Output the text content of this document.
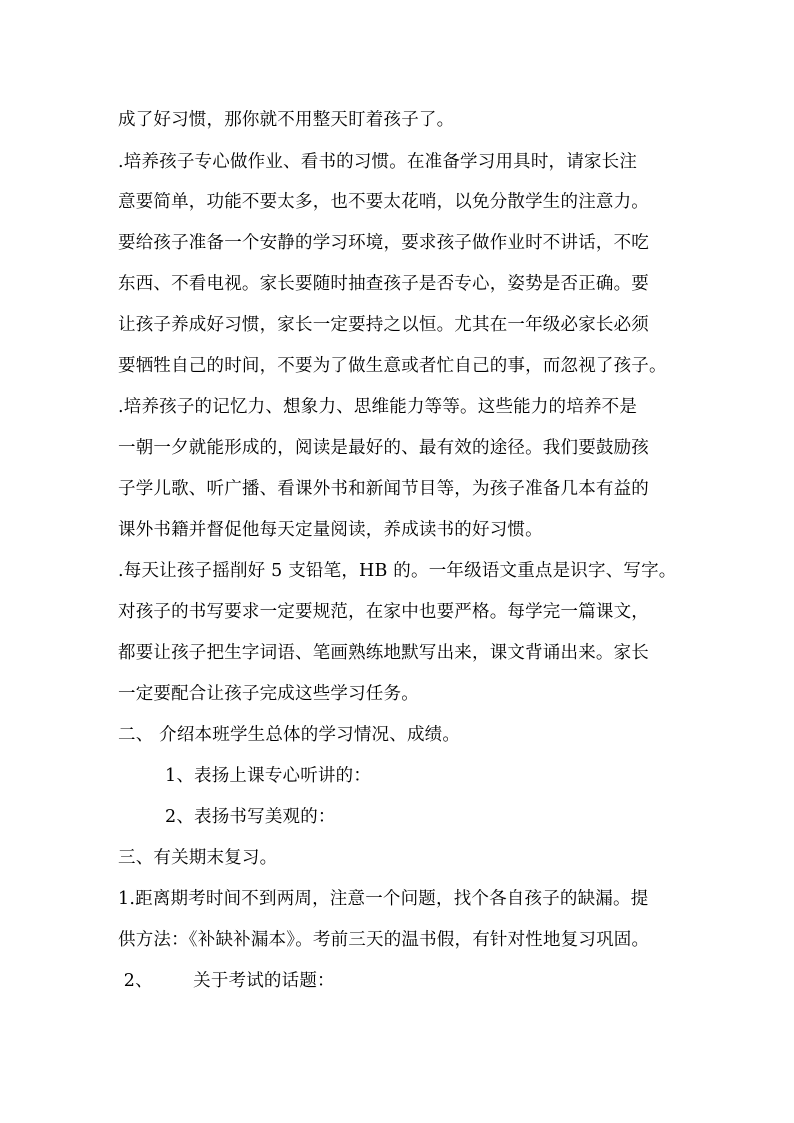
成了好习惯，那你就不用整天盯着孩子了。
.培养孩子专心做作业、看书的习惯。在准备学习用具时，请家长注
意要简单，功能不要太多，也不要太花哨，以免分散学生的注意力。
要给孩子准备一个安静的学习环境，要求孩子做作业时不讲话，不吃
东西、不看电视。家长要随时抽查孩子是否专心，姿势是否正确。要
让孩子养成好习惯，家长一定要持之以恒。尤其在一年级必家长必须
要牺牲自己的时间，不要为了做生意或者忙自己的事，而忽视了孩子。
.培养孩子的记忆力、想象力、思维能力等等。这些能力的培养不是
一朝一夕就能形成的，阅读是最好的、最有效的途径。我们要鼓励孩
子学儿歌、听广播、看课外书和新闻节目等，为孩子准备几本有益的
课外书籍并督促他每天定量阅读，养成读书的好习惯。
.每天让孩子摇削好 5 支铅笔，HB 的。一年级语文重点是识字、写字。
对孩子的书写要求一定要规范，在家中也要严格。每学完一篇课文，
都要让孩子把生字词语、笔画熟练地默写出来，课文背诵出来。家长
一定要配合让孩子完成这些学习任务。
二、 介绍本班学生总体的学习情况、成绩。
1、表扬上课专心听讲的：
2、表扬书写美观的：
三、有关期末复习。
1.距离期考时间不到两周，注意一个问题，找个各自孩子的缺漏。提
供方法：《补缺补漏本》。考前三天的温书假，有针对性地复习巩固。
2、       关于考试的话题：
